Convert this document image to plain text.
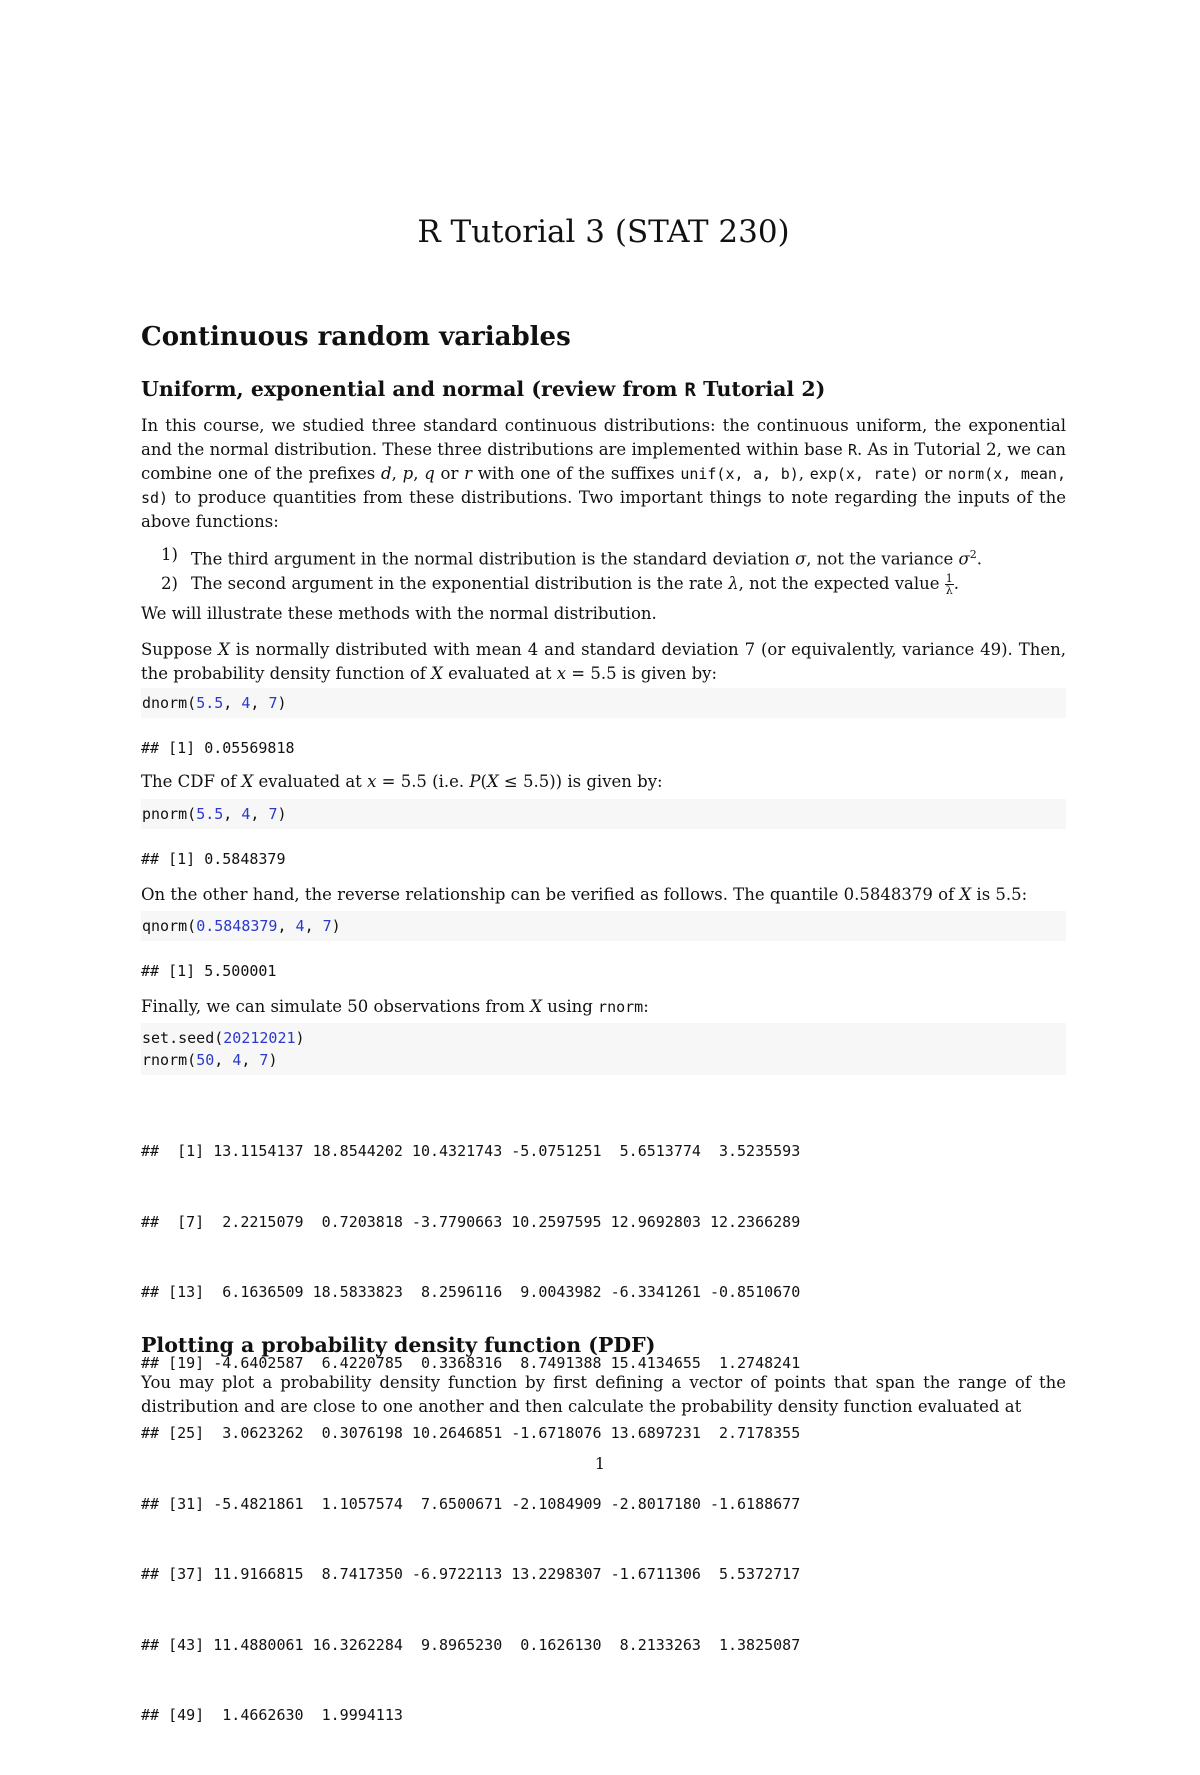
R Tutorial 3 (STAT 230)
Continuous random variables
Uniform, exponential and normal (review from R Tutorial 2)

In this course, we studied three standard continuous distributions: the continuous uniform, the exponential and the normal distribution. These three distributions are implemented within base R. As in Tutorial 2, we can combine one of the prefixes d, p, q or r with one of the suffixes unif(x, a, b), exp(x, rate) or norm(x, mean, sd) to produce quantities from these distributions. Two important things to note regarding the inputs of the above functions:

1) The third argument in the normal distribution is the standard deviation σ, not the variance $\sigma^2$.
2) The second argument in the exponential distribution is the rate λ, not the expected value $\frac{1}{\lambda}$ .

We will illustrate these methods with the normal distribution.

Suppose X is normally distributed with mean 4 and standard deviation 7 (or equivalently, variance 49). Then, the probability density function of X evaluated at x = 5.5 is given by:

dnorm(5.5, 4, 7)
## [1] 0.05569818

The CDF of X evaluated at x = 5.5 (i.e. P(X ≤ 5.5)) is given by:

pnorm(5.5, 4, 7)
## [1] 0.5848379

On the other hand, the reverse relationship can be verified as follows. The quantile 0.5848379 of X is 5.5:

qnorm(0.5848379, 4, 7)
## [1] 5.500001

Finally, we can simulate 50 observations from X using rnorm:

set.seed(20212021)
rnorm(50, 4, 7)

##  [1] 13.1154137 18.8544202 10.4321743 -5.0751251  5.6513774  3.5235593

##  [7]  2.2215079  0.7203818 -3.7790663 10.2597595 12.9692803 12.2366289

## [13]  6.1636509 18.5833823  8.2596116  9.0043982 -6.3341261 -0.8510670

## [19] -4.6402587  6.4220785  0.3368316  8.7491388 15.4134655  1.2748241

## [25]  3.0623262  0.3076198 10.2646851 -1.6718076 13.6897231  2.7178355

## [31] -5.4821861  1.1057574  7.6500671 -2.1084909 -2.8017180 -1.6188677

## [37] 11.9166815  8.7417350 -6.9722113 13.2298307 -1.6711306  5.5372717

## [43] 11.4880061 16.3262284  9.8965230  0.1626130  8.2133263  1.3825087

## [49]  1.4662630  1.9994113

Plotting a probability density function (PDF)

You may plot a probability density function by first defining a vector of points that span the range of the distribution and are close to one another and then calculate the probability density function evaluated at

1
